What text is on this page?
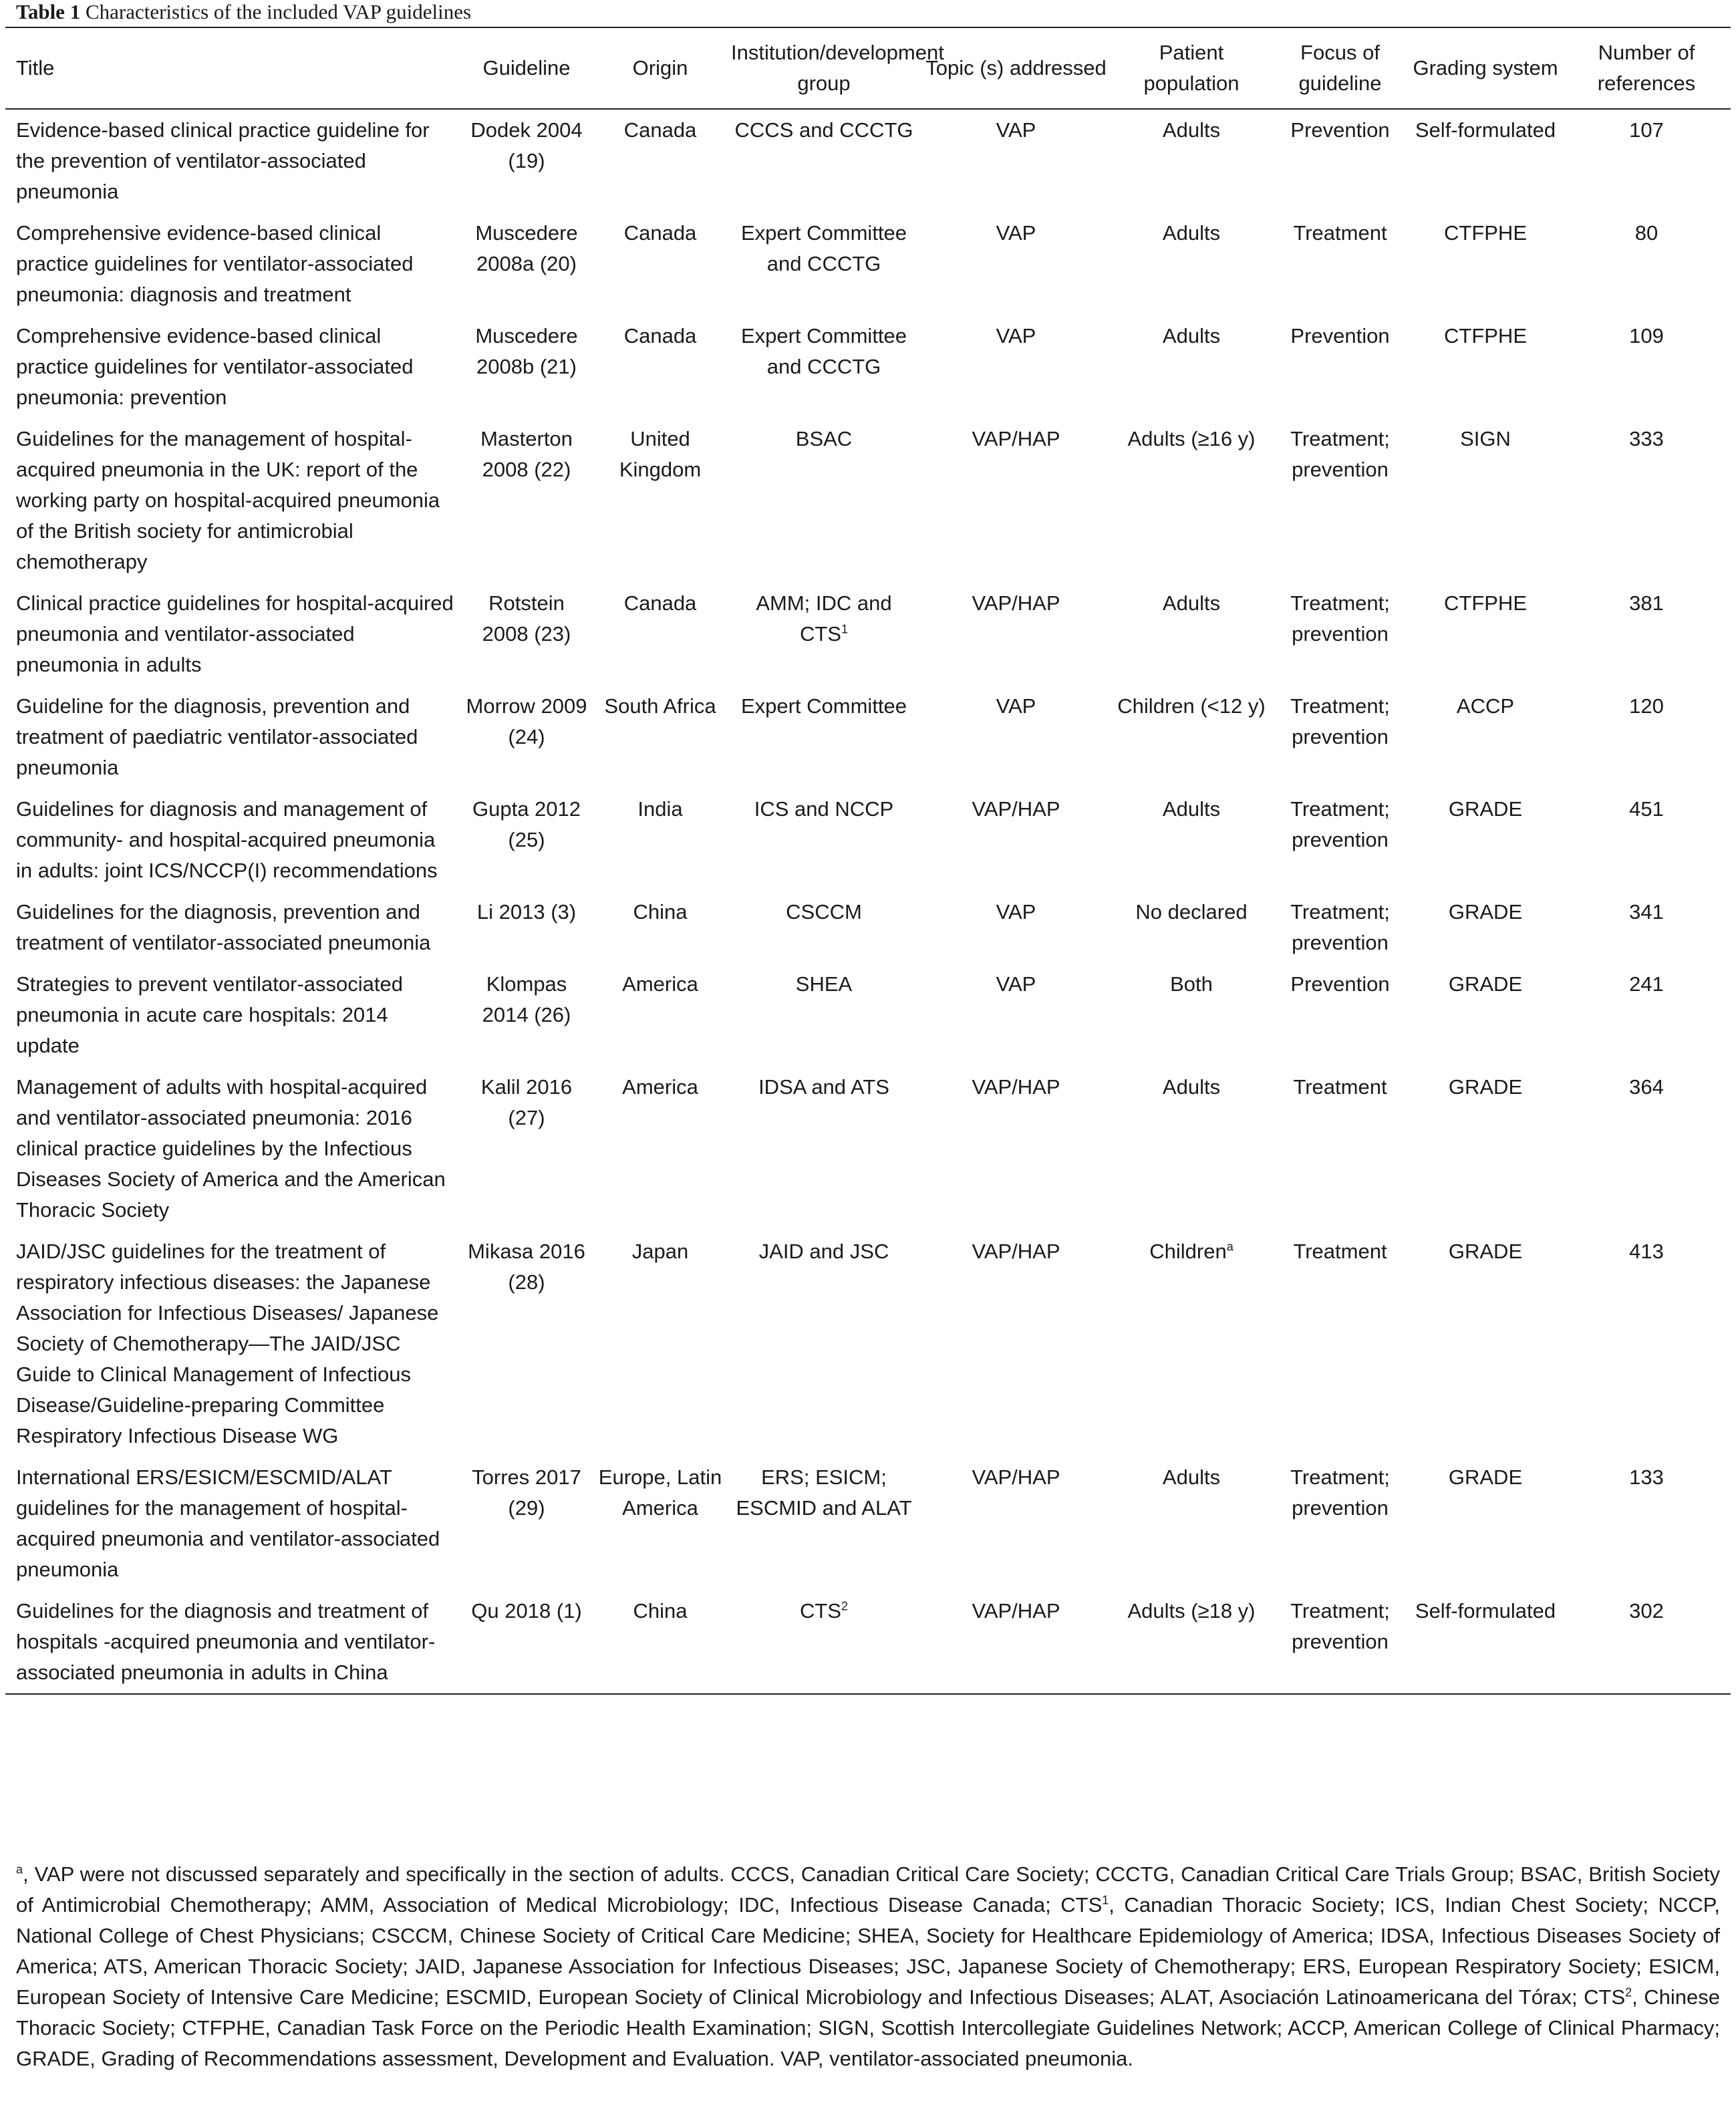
Table 1 Characteristics of the included VAP guidelines
Title	Guideline	Origin	Institution/development group	Topic (s) addressed	Patient population	Focus of guideline	Grading system	Number of references
Evidence-based clinical practice guideline for the prevention of ventilator-associated pneumonia	Dodek 2004 (19)	Canada	CCCS and CCCTG	VAP	Adults	Prevention	Self-formulated	107
Comprehensive evidence-based clinical practice guidelines for ventilator-associated pneumonia: diagnosis and treatment	Muscedere 2008a (20)	Canada	Expert Committee and CCCTG	VAP	Adults	Treatment	CTFPHE	80
Comprehensive evidence-based clinical practice guidelines for ventilator-associated pneumonia: prevention	Muscedere 2008b (21)	Canada	Expert Committee and CCCTG	VAP	Adults	Prevention	CTFPHE	109
Guidelines for the management of hospital-acquired pneumonia in the UK: report of the working party on hospital-acquired pneumonia of the British society for antimicrobial chemotherapy	Masterton 2008 (22)	United Kingdom	BSAC	VAP/HAP	Adults (≥16 y)	Treatment; prevention	SIGN	333
Clinical practice guidelines for hospital-acquired pneumonia and ventilator-associated pneumonia in adults	Rotstein 2008 (23)	Canada	AMM; IDC and CTS$^1$	VAP/HAP	Adults	Treatment; prevention	CTFPHE	381
Guideline for the diagnosis, prevention and treatment of paediatric ventilator-associated pneumonia	Morrow 2009 (24)	South Africa	Expert Committee	VAP	Children (<12 y)	Treatment; prevention	ACCP	120
Guidelines for diagnosis and management of community- and hospital-acquired pneumonia in adults: joint ICS/NCCP(I) recommendations	Gupta 2012 (25)	India	ICS and NCCP	VAP/HAP	Adults	Treatment; prevention	GRADE	451
Guidelines for the diagnosis, prevention and treatment of ventilator-associated pneumonia	Li 2013 (3)	China	CSCCM	VAP	No declared	Treatment; prevention	GRADE	341
Strategies to prevent ventilator-associated pneumonia in acute care hospitals: 2014 update	Klompas 2014 (26)	America	SHEA	VAP	Both	Prevention	GRADE	241
Management of adults with hospital-acquired and ventilator-associated pneumonia: 2016 clinical practice guidelines by the Infectious Diseases Society of America and the American Thoracic Society	Kalil 2016 (27)	America	IDSA and ATS	VAP/HAP	Adults	Treatment	GRADE	364
JAID/JSC guidelines for the treatment of respiratory infectious diseases: the Japanese Association for Infectious Diseases/ Japanese Society of Chemotherapy—The JAID/JSC Guide to Clinical Management of Infectious Disease/Guideline-preparing Committee Respiratory Infectious Disease WG	Mikasa 2016 (28)	Japan	JAID and JSC	VAP/HAP	Children$^a$	Treatment	GRADE	413
International ERS/ESICM/ESCMID/ALAT guidelines for the management of hospital-acquired pneumonia and ventilator-associated pneumonia	Torres 2017 (29)	Europe, Latin America	ERS; ESICM; ESCMID and ALAT	VAP/HAP	Adults	Treatment; prevention	GRADE	133
Guidelines for the diagnosis and treatment of hospitals -acquired pneumonia and ventilator-associated pneumonia in adults in China	Qu 2018 (1)	China	CTS$^2$	VAP/HAP	Adults (≥18 y)	Treatment; prevention	Self-formulated	302
$^a$, VAP were not discussed separately and specifically in the section of adults. CCCS, Canadian Critical Care Society; CCCTG, Canadian Critical Care Trials Group; BSAC, British Society of Antimicrobial Chemotherapy; AMM, Association of Medical Microbiology; IDC, Infectious Disease Canada; CTS$^1$, Canadian Thoracic Society; ICS, Indian Chest Society; NCCP, National College of Chest Physicians; CSCCM, Chinese Society of Critical Care Medicine; SHEA, Society for Healthcare Epidemiology of America; IDSA, Infectious Diseases Society of America; ATS, American Thoracic Society; JAID, Japanese Association for Infectious Diseases; JSC, Japanese Society of Chemotherapy; ERS, European Respiratory Society; ESICM, European Society of Intensive Care Medicine; ESCMID, European Society of Clinical Microbiology and Infectious Diseases; ALAT, Asociación Latinoamericana del Tórax; CTS$^2$, Chinese Thoracic Society; CTFPHE, Canadian Task Force on the Periodic Health Examination; SIGN, Scottish Intercollegiate Guidelines Network; ACCP, American College of Clinical Pharmacy; GRADE, Grading of Recommendations assessment, Development and Evaluation. VAP, ventilator-associated pneumonia.
